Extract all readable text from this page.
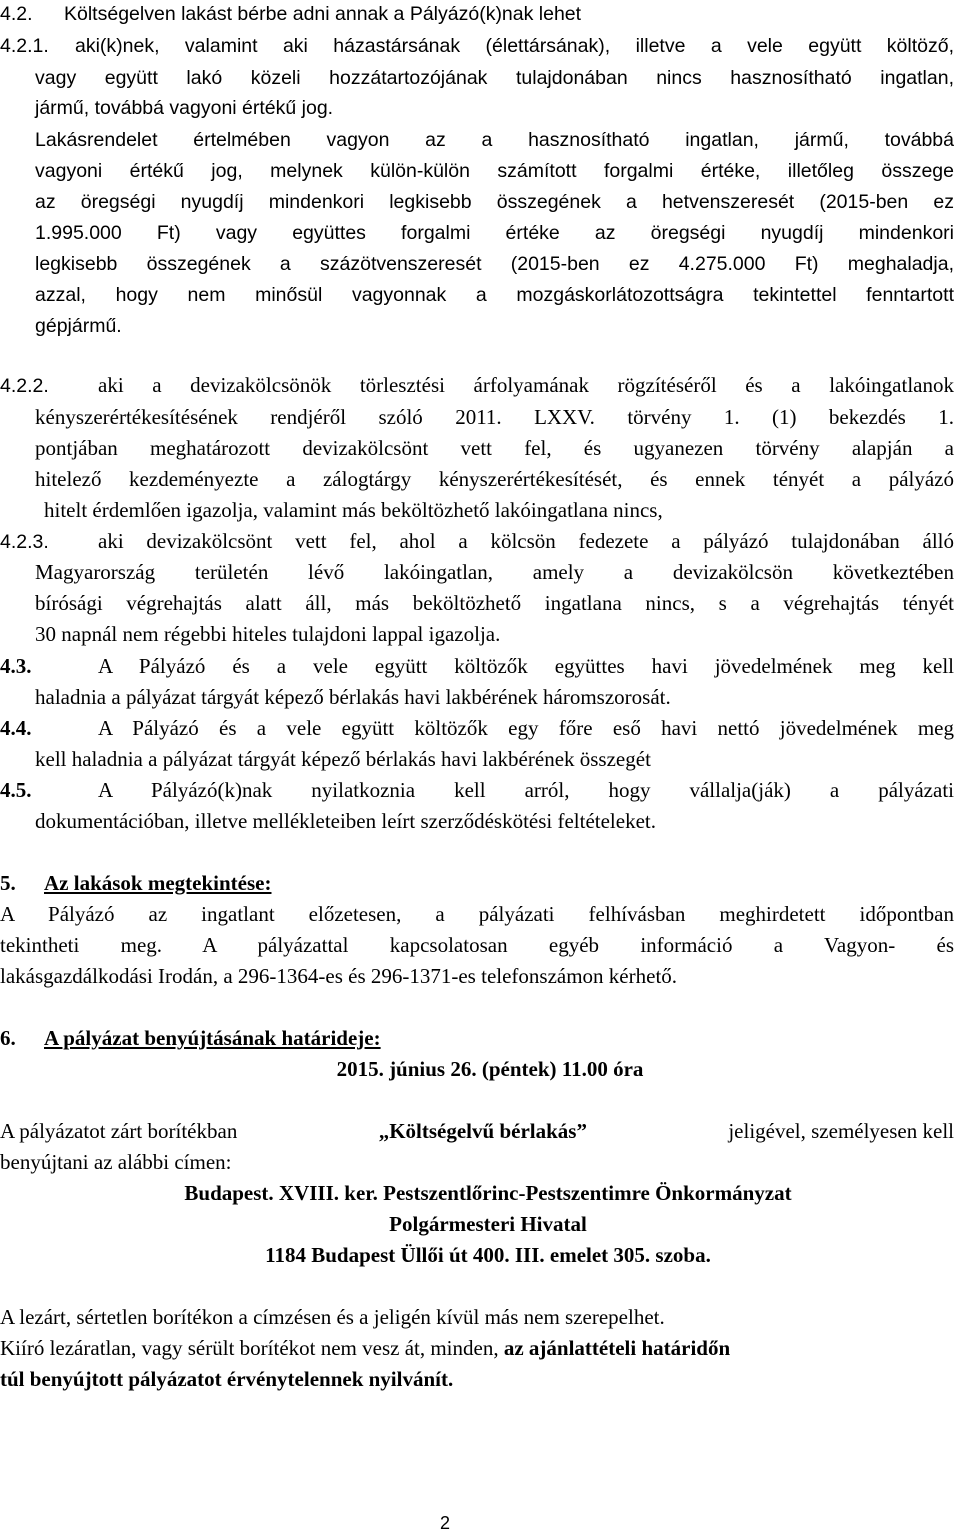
4.2. Költségelven lakást bérbe adni annak a Pályázó(k)nak lehet
4.2.1. aki(k)nek, valamint aki házastársának (élettársának), illetve a vele együtt költöző,
vagy együtt lakó közeli hozzátartozójának tulajdonában nincs hasznosítható ingatlan,
jármű, továbbá vagyoni értékű jog.
Lakásrendelet értelmében vagyon az a hasznosítható ingatlan, jármű, továbbá
vagyoni értékű jog, melynek külön-külön számított forgalmi értéke, illetőleg összege
az öregségi nyugdíj mindenkori legkisebb összegének a hetvenszeresét (2015-ben ez
1.995.000 Ft) vagy együttes forgalmi értéke az öregségi nyugdíj mindenkori
legkisebb összegének a százötvenszeresét (2015-ben ez 4.275.000 Ft) meghaladja,
azzal, hogy nem minősül vagyonnak a mozgáskorlátozottságra tekintettel fenntartott
gépjármű.
4.2.2. aki a devizakölcsönök törlesztési árfolyamának rögzítéséről és a lakóingatlanok
kényszerértékesítésének rendjéről szóló 2011. LXXV. törvény 1. (1) bekezdés 1.
pontjában meghatározott devizakölcsönt vett fel, és ugyanezen törvény alapján a
hitelező kezdeményezte a zálogtárgy kényszerértékesítését, és ennek tényét a pályázó
hitelt érdemlően igazolja, valamint más beköltözhető lakóingatlana nincs,
4.2.3. aki devizakölcsönt vett fel, ahol a kölcsön fedezete a pályázó tulajdonában álló
Magyarország területén lévő lakóingatlan, amely a devizakölcsön következtében
bírósági végrehajtás alatt áll, más beköltözhető ingatlana nincs, s a végrehajtás tényét
30 napnál nem régebbi hiteles tulajdoni lappal igazolja.
4.3.	A Pályázó és a vele együtt költözők együttes havi jövedelmének meg kell
haladnia a pályázat tárgyát képező bérlakás havi lakbérének háromszorosát.
4.4.	A Pályázó és a vele együtt költözők egy főre eső havi nettó jövedelmének meg
kell haladnia a pályázat tárgyát képező bérlakás havi lakbérének összegét
4.5.	A Pályázó(k)nak nyilatkoznia kell arról, hogy vállalja(ják) a pályázati
dokumentációban, illetve mellékleteiben leírt szerződéskötési feltételeket.
5. Az lakások megtekintése:
A Pályázó az ingatlant előzetesen, a pályázati felhívásban meghirdetett időpontban
tekintheti meg. A pályázattal kapcsolatosan egyéb információ a Vagyon- és
lakásgazdálkodási Irodán, a 296-1364-es és 296-1371-es telefonszámon kérhető.
6. A pályázat benyújtásának határideje:
2015. június 26. (péntek) 11.00 óra
A pályázatot zárt borítékban	„Költségelvű bérlakás”	jeligével, személyesen kell
benyújtani az alábbi címen:
Budapest. XVIII. ker. Pestszentlőrinc-Pestszentimre Önkormányzat
Polgármesteri Hivatal
1184 Budapest Üllői út 400. III. emelet 305. szoba.
A lezárt, sértetlen borítékon a címzésen és a jeligén kívül más nem szerepelhet.
Kiíró lezáratlan, vagy sérült borítékot nem vesz át, minden, az ajánlattételi határidőn
túl benyújtott pályázatot érvénytelennek nyilvánít.
2
